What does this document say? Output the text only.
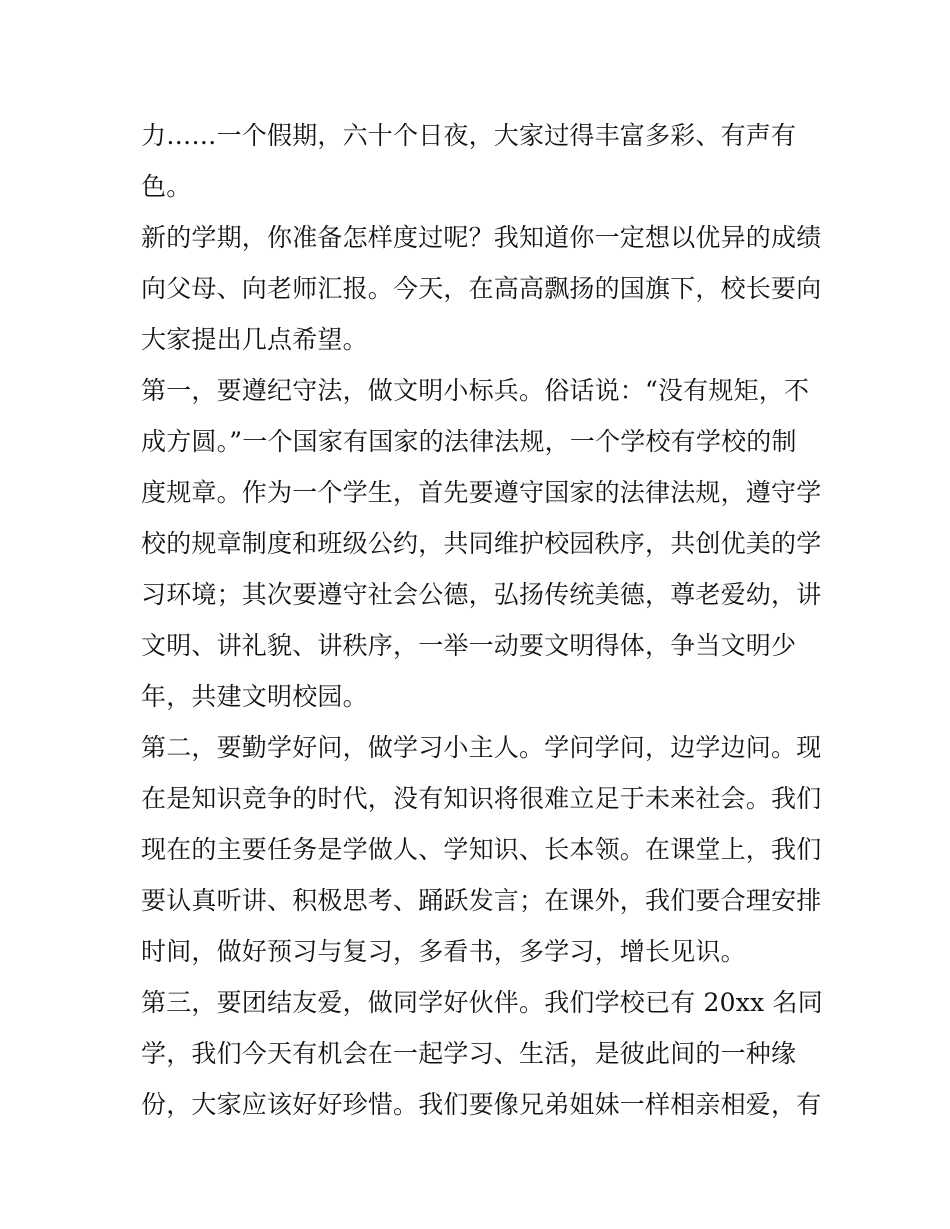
力……一个假期，六十个日夜，大家过得丰富多彩、有声有
色。
新的学期，你准备怎样度过呢？我知道你一定想以优异的成绩
向父母、向老师汇报。今天，在高高飘扬的国旗下，校长要向
大家提出几点希望。
第一，要遵纪守法，做文明小标兵。俗话说：“没有规矩，不
成方圆。”一个国家有国家的法律法规，一个学校有学校的制
度规章。作为一个学生，首先要遵守国家的法律法规，遵守学
校的规章制度和班级公约，共同维护校园秩序，共创优美的学
习环境；其次要遵守社会公德，弘扬传统美德，尊老爱幼，讲
文明、讲礼貌、讲秩序，一举一动要文明得体，争当文明少
年，共建文明校园。
第二，要勤学好问，做学习小主人。学问学问，边学边问。现
在是知识竞争的时代，没有知识将很难立足于未来社会。我们
现在的主要任务是学做人、学知识、长本领。在课堂上，我们
要认真听讲、积极思考、踊跃发言；在课外，我们要合理安排
时间，做好预习与复习，多看书，多学习，增长见识。
第三，要团结友爱，做同学好伙伴。我们学校已有 20xx 名同
学，我们今天有机会在一起学习、生活，是彼此间的一种缘
份，大家应该好好珍惜。我们要像兄弟姐妹一样相亲相爱，有
